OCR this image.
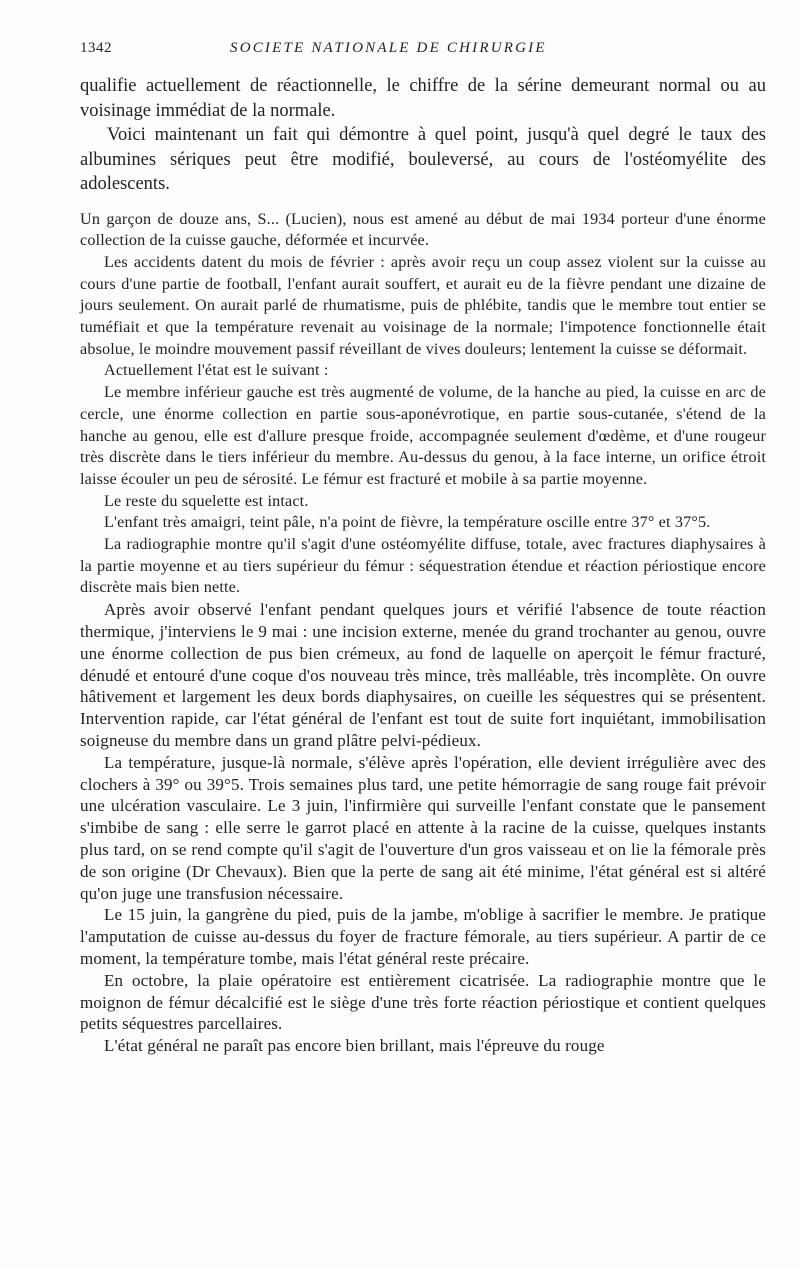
1342	SOCIETE NATIONALE DE CHIRURGIE

qualifie actuellement de réactionnelle, le chiffre de la sérine demeurant normal ou au voisinage immédiat de la normale.

Voici maintenant un fait qui démontre à quel point, jusqu'à quel degré le taux des albumines sériques peut être modifié, bouleversé, au cours de l'ostéomyélite des adolescents.

Un garçon de douze ans, S... (Lucien), nous est amené au début de mai 1934 porteur d'une énorme collection de la cuisse gauche, déformée et incurvée.

Les accidents datent du mois de février : après avoir reçu un coup assez violent sur la cuisse au cours d'une partie de football, l'enfant aurait souffert, et aurait eu de la fièvre pendant une dizaine de jours seulement. On aurait parlé de rhumatisme, puis de phlébite, tandis que le membre tout entier se tuméfiait et que la température revenait au voisinage de la normale; l'impotence fonctionnelle était absolue, le moindre mouvement passif réveillant de vives douleurs; lentement la cuisse se déformait.

Actuellement l'état est le suivant :

Le membre inférieur gauche est très augmenté de volume, de la hanche au pied, la cuisse en arc de cercle, une énorme collection en partie sous-aponévrotique, en partie sous-cutanée, s'étend de la hanche au genou, elle est d'allure presque froide, accompagnée seulement d'œdème, et d'une rougeur très discrète dans le tiers inférieur du membre. Au-dessus du genou, à la face interne, un orifice étroit laisse écouler un peu de sérosité. Le fémur est fracturé et mobile à sa partie moyenne.

Le reste du squelette est intact.

L'enfant très amaigri, teint pâle, n'a point de fièvre, la température oscille entre 37° et 37°5.

La radiographie montre qu'il s'agit d'une ostéomyélite diffuse, totale, avec fractures diaphysaires à la partie moyenne et au tiers supérieur du fémur : séquestration étendue et réaction périostique encore discrète mais bien nette.

Après avoir observé l'enfant pendant quelques jours et vérifié l'absence de toute réaction thermique, j'interviens le 9 mai : une incision externe, menée du grand trochanter au genou, ouvre une énorme collection de pus bien crémeux, au fond de laquelle on aperçoit le fémur fracturé, dénudé et entouré d'une coque d'os nouveau très mince, très malléable, très incomplète. On ouvre hâtivement et largement les deux bords diaphysaires, on cueille les séquestres qui se présentent. Intervention rapide, car l'état général de l'enfant est tout de suite fort inquiétant, immobilisation soigneuse du membre dans un grand plâtre pelvi-pédieux.

La température, jusque-là normale, s'élève après l'opération, elle devient irrégulière avec des clochers à 39° ou 39°5. Trois semaines plus tard, une petite hémorragie de sang rouge fait prévoir une ulcération vasculaire. Le 3 juin, l'infirmière qui surveille l'enfant constate que le pansement s'imbibe de sang : elle serre le garrot placé en attente à la racine de la cuisse, quelques instants plus tard, on se rend compte qu'il s'agit de l'ouverture d'un gros vaisseau et on lie la fémorale près de son origine (Dr Chevaux). Bien que la perte de sang ait été minime, l'état général est si altéré qu'on juge une transfusion nécessaire.

Le 15 juin, la gangrène du pied, puis de la jambe, m'oblige à sacrifier le membre. Je pratique l'amputation de cuisse au-dessus du foyer de fracture fémorale, au tiers supérieur. A partir de ce moment, la température tombe, mais l'état général reste précaire.

En octobre, la plaie opératoire est entièrement cicatrisée. La radiographie montre que le moignon de fémur décalcifié est le siège d'une très forte réaction périostique et contient quelques petits séquestres parcellaires.

L'état général ne paraît pas encore bien brillant, mais l'épreuve du rouge
